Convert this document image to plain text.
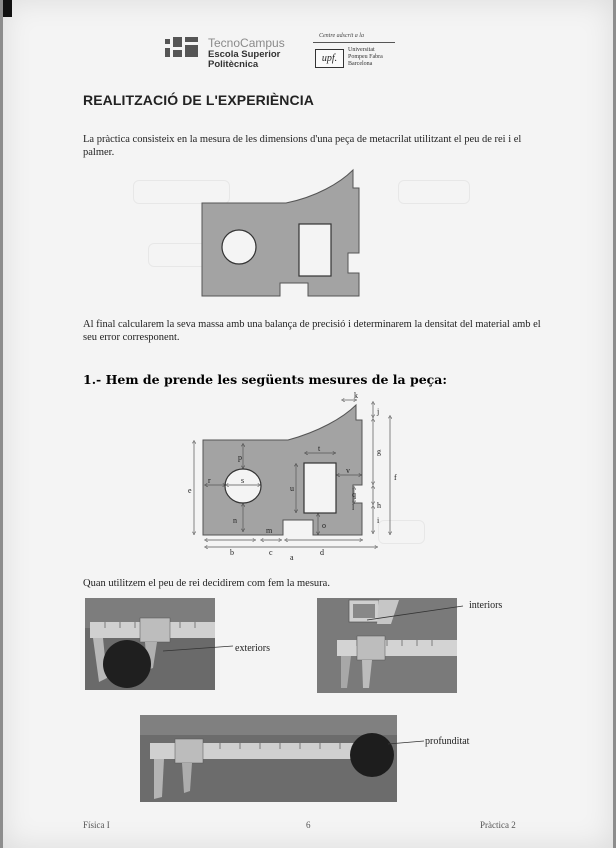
TecnoCampus
Escola Superior
Politècnica
Centre adscrit a la
upf.
Universitat
Pompeu Fabra
Barcelona
REALITZACIÓ DE L'EXPERIÈNCIA
La pràctica consisteix en la mesura de les dimensions d'una peça de metacrilat utilitzant el peu de rei i el palmer.
Al final calcularem la seva massa amb una balança de precisió i determinarem la densitat del material amb el seu error corresponent.
1.- Hem de prende les següents mesures de la peça:
a
b	c	d
e
f
g
h
i
j
k
l
m
n
o
p
q
r	s
t
u
v
Quan utilitzem el peu de rei decidirem com fem la mesura.
exteriors
interiors
profunditat
Física I	6	Pràctica 2
